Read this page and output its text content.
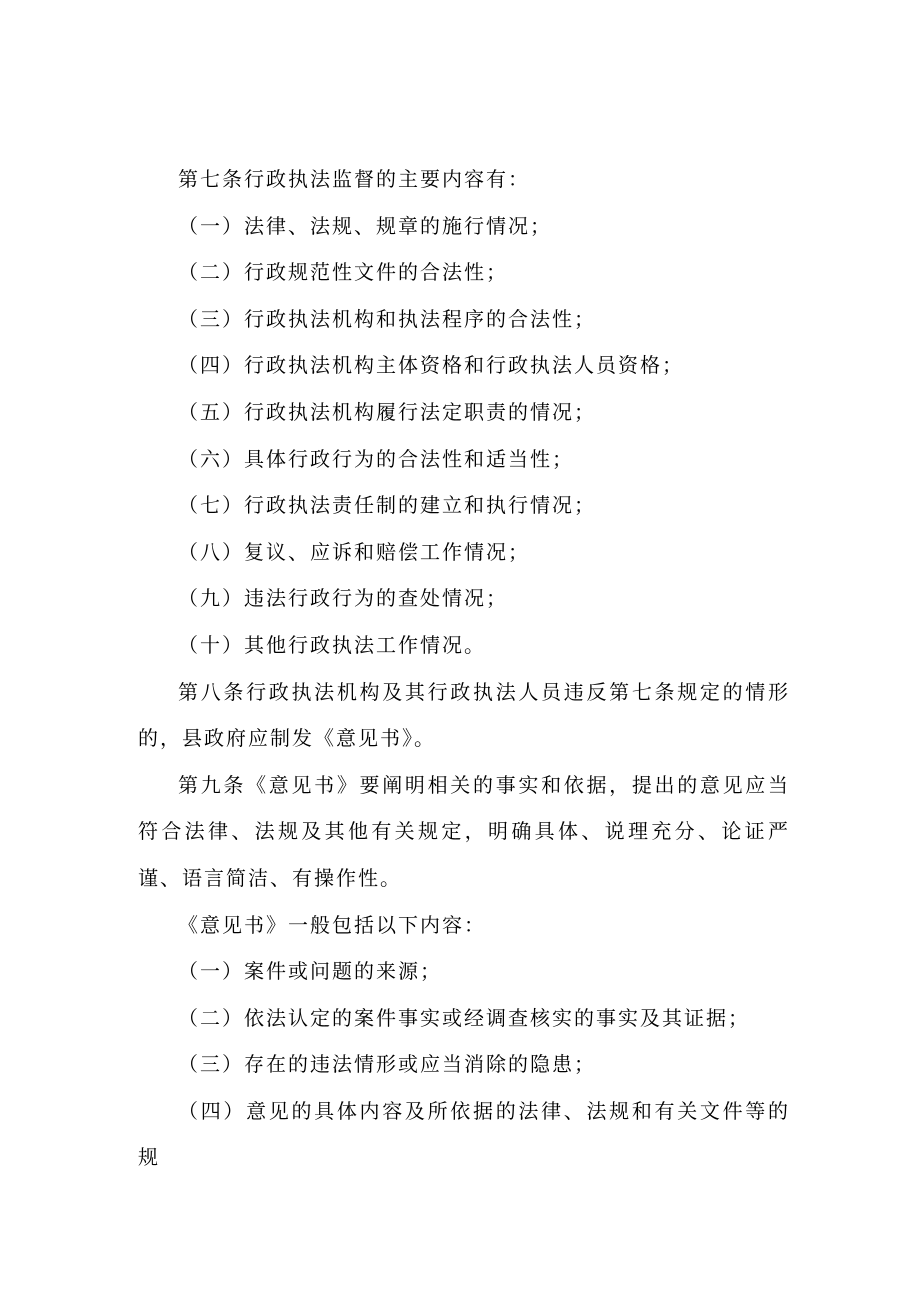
第七条行政执法监督的主要内容有：

（一）法律、法规、规章的施行情况；

（二）行政规范性文件的合法性；

（三）行政执法机构和执法程序的合法性；

（四）行政执法机构主体资格和行政执法人员资格；

（五）行政执法机构履行法定职责的情况；

（六）具体行政行为的合法性和适当性；

（七）行政执法责任制的建立和执行情况；

（八）复议、应诉和赔偿工作情况；

（九）违法行政行为的查处情况；

（十）其他行政执法工作情况。

第八条行政执法机构及其行政执法人员违反第七条规定的情形的，县政府应制发《意见书》。

第九条《意见书》要阐明相关的事实和依据，提出的意见应当符合法律、法规及其他有关规定，明确具体、说理充分、论证严谨、语言简洁、有操作性。

《意见书》一般包括以下内容：

（一）案件或问题的来源；

（二）依法认定的案件事实或经调查核实的事实及其证据；

（三）存在的违法情形或应当消除的隐患；

（四）意见的具体内容及所依据的法律、法规和有关文件等的规
